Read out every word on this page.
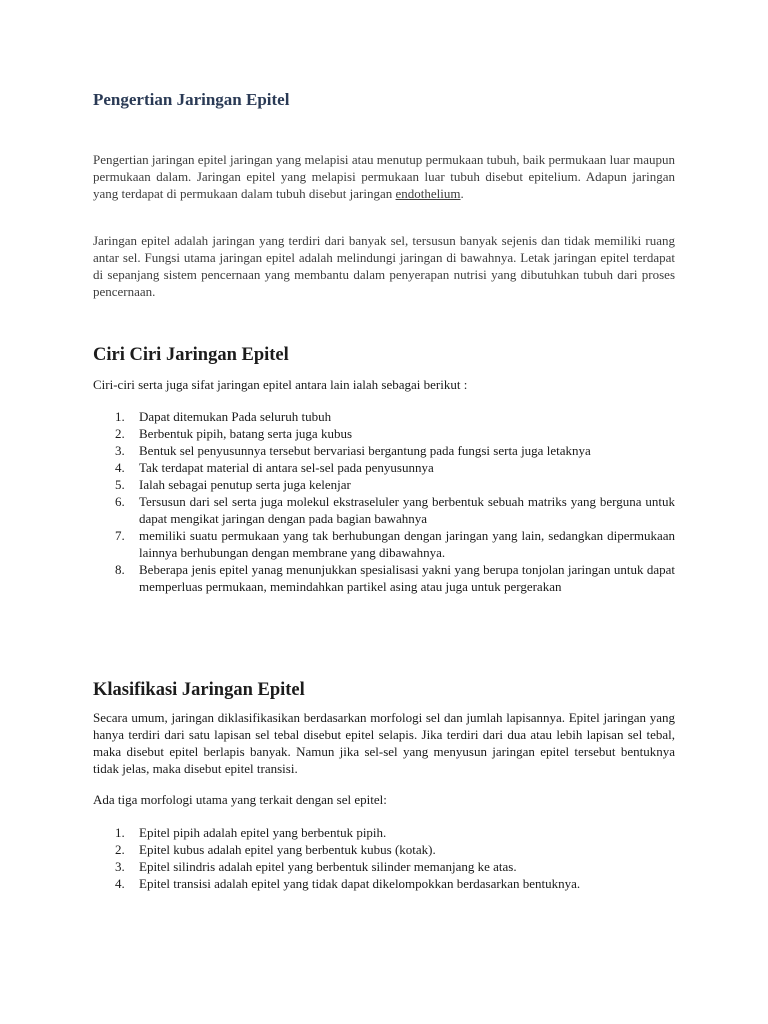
Pengertian Jaringan Epitel

Pengertian jaringan epitel jaringan yang melapisi atau menutup permukaan tubuh, baik permukaan luar maupun permukaan dalam. Jaringan epitel yang melapisi permukaan luar tubuh disebut epitelium. Adapun jaringan yang terdapat di permukaan dalam tubuh disebut jaringan endothelium.

Jaringan epitel adalah jaringan yang terdiri dari banyak sel, tersusun banyak sejenis dan tidak memiliki ruang antar sel. Fungsi utama jaringan epitel adalah melindungi jaringan di bawahnya. Letak jaringan epitel terdapat di sepanjang sistem pencernaan yang membantu dalam penyerapan nutrisi yang dibutuhkan tubuh dari proses pencernaan.

Ciri Ciri Jaringan Epitel

Ciri-ciri serta juga sifat jaringan epitel antara lain ialah sebagai berikut :

1. Dapat ditemukan Pada seluruh tubuh
2. Berbentuk pipih, batang serta juga kubus
3. Bentuk sel penyusunnya tersebut bervariasi bergantung pada fungsi serta juga letaknya
4. Tak terdapat material di antara sel-sel pada penyusunnya
5. Ialah sebagai penutup serta juga kelenjar
6. Tersusun dari sel serta juga molekul ekstraseluler yang berbentuk sebuah matriks yang berguna untuk dapat mengikat jaringan dengan pada bagian bawahnya
7. memiliki suatu permukaan yang tak berhubungan dengan jaringan yang lain, sedangkan dipermukaan lainnya berhubungan dengan membrane yang dibawahnya.
8. Beberapa jenis epitel yanag menunjukkan spesialisasi yakni yang berupa tonjolan jaringan untuk dapat memperluas permukaan, memindahkan partikel asing atau juga untuk pergerakan
Klasifikasi Jaringan Epitel

Secara umum, jaringan diklasifikasikan berdasarkan morfologi sel dan jumlah lapisannya. Epitel jaringan yang hanya terdiri dari satu lapisan sel tebal disebut epitel selapis. Jika terdiri dari dua atau lebih lapisan sel tebal, maka disebut epitel berlapis banyak. Namun jika sel-sel yang menyusun jaringan epitel tersebut bentuknya tidak jelas, maka disebut epitel transisi.

Ada tiga morfologi utama yang terkait dengan sel epitel:

1. Epitel pipih adalah epitel yang berbentuk pipih.
2. Epitel kubus adalah epitel yang berbentuk kubus (kotak).
3. Epitel silindris adalah epitel yang berbentuk silinder memanjang ke atas.
4. Epitel transisi adalah epitel yang tidak dapat dikelompokkan berdasarkan bentuknya.
